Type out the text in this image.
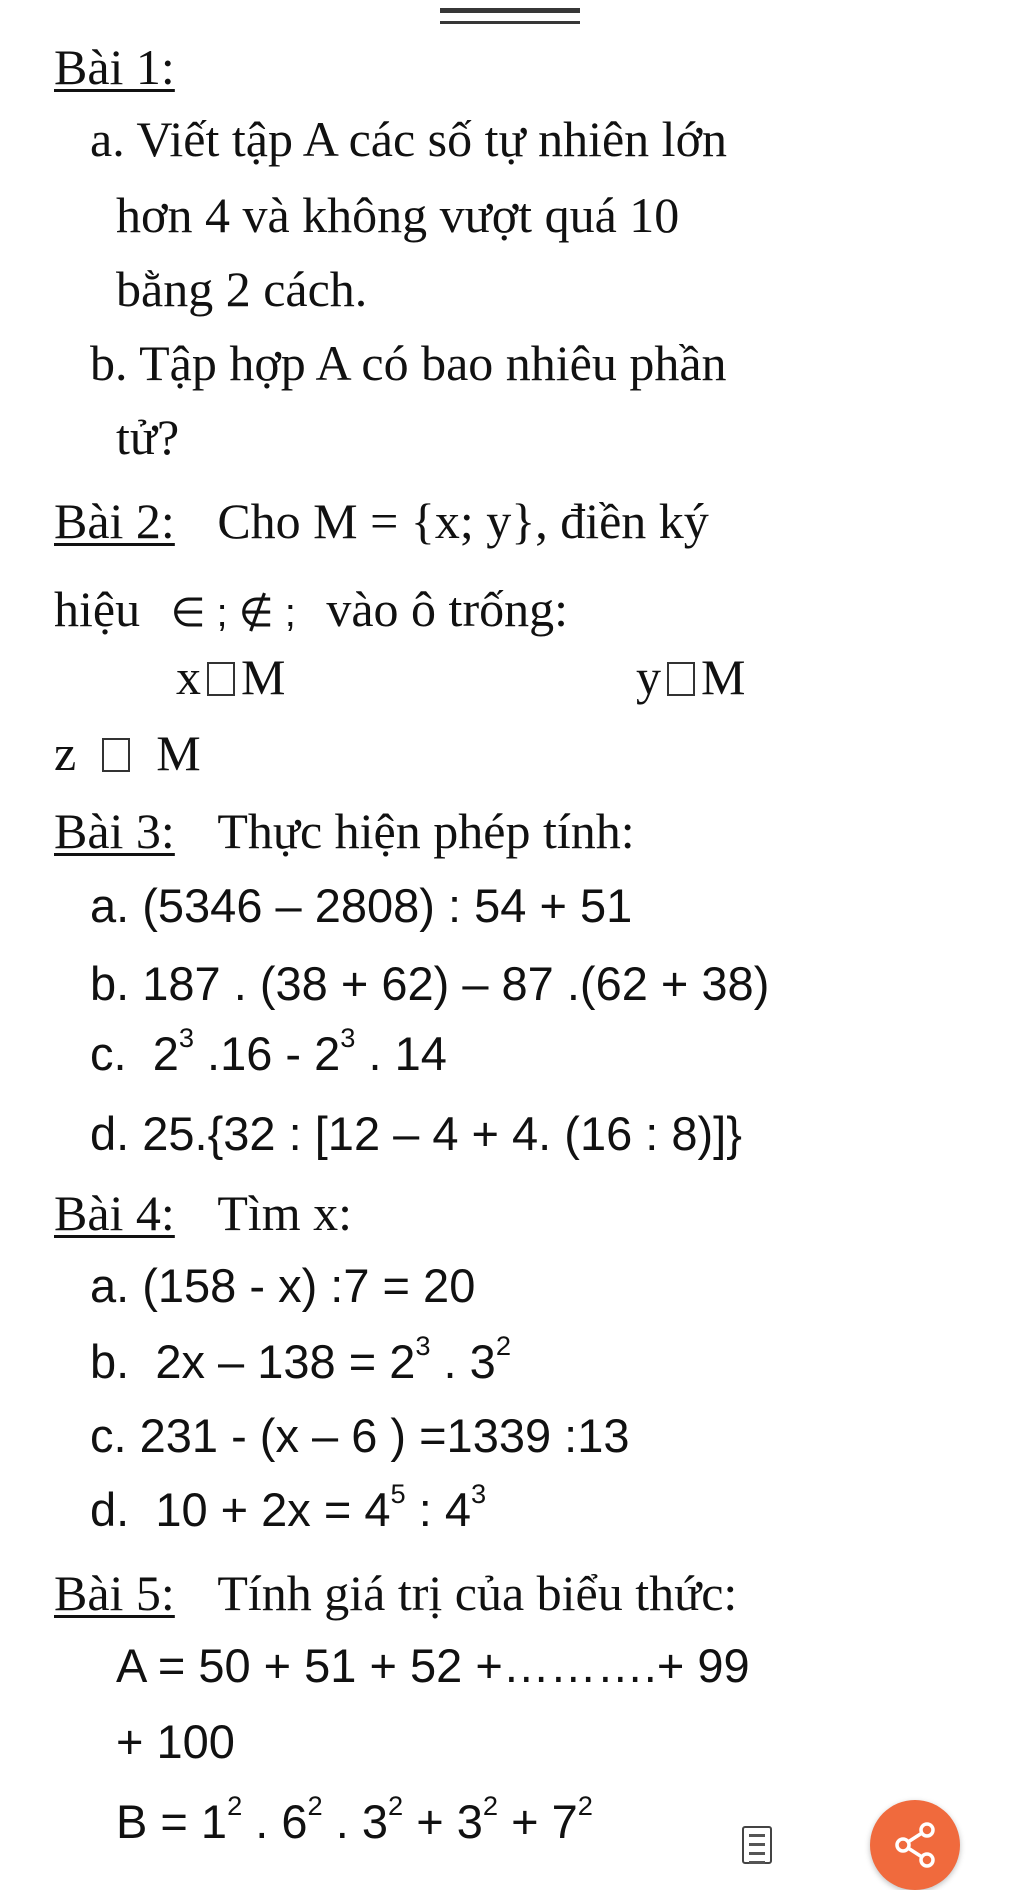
Bài 1:
a. Viết tập A các số tự nhiên lớn
hơn 4 và không vượt quá 10
bằng 2 cách.
b. Tập hợp A có bao nhiêu phần
tử?
Bài 2: Cho M = {x; y}, điền ký
hiệu ∈ ; ∉ ; vào ô trống:
x M	y M
z M
Bài 3: Thực hiện phép tính:
a. (5346 – 2808) : 54 + 51
b. 187 . (38 + 62) – 87 .(62 + 38)
c. $2^3$ $.16 - 2^3$ . 14
d. 25.{32 : [12 – 4 + 4. (16 : 8)]}
Bài 4: Tìm x:
a. (158 - x) :7 = 20
b. $2x - 138 = 2^3$ . $3^2$
c. 231 - (x – 6 ) =1339 :13
d. $10 + 2x = 4^5$ : $4^3$
Bài 5: Tính giá trị của biểu thức:
A = 50 + 51 + 52 +……….+ 99
+ 100
$B = 1^2$ . $6^2$ . $3^2 + 3^2 + 7^2$
